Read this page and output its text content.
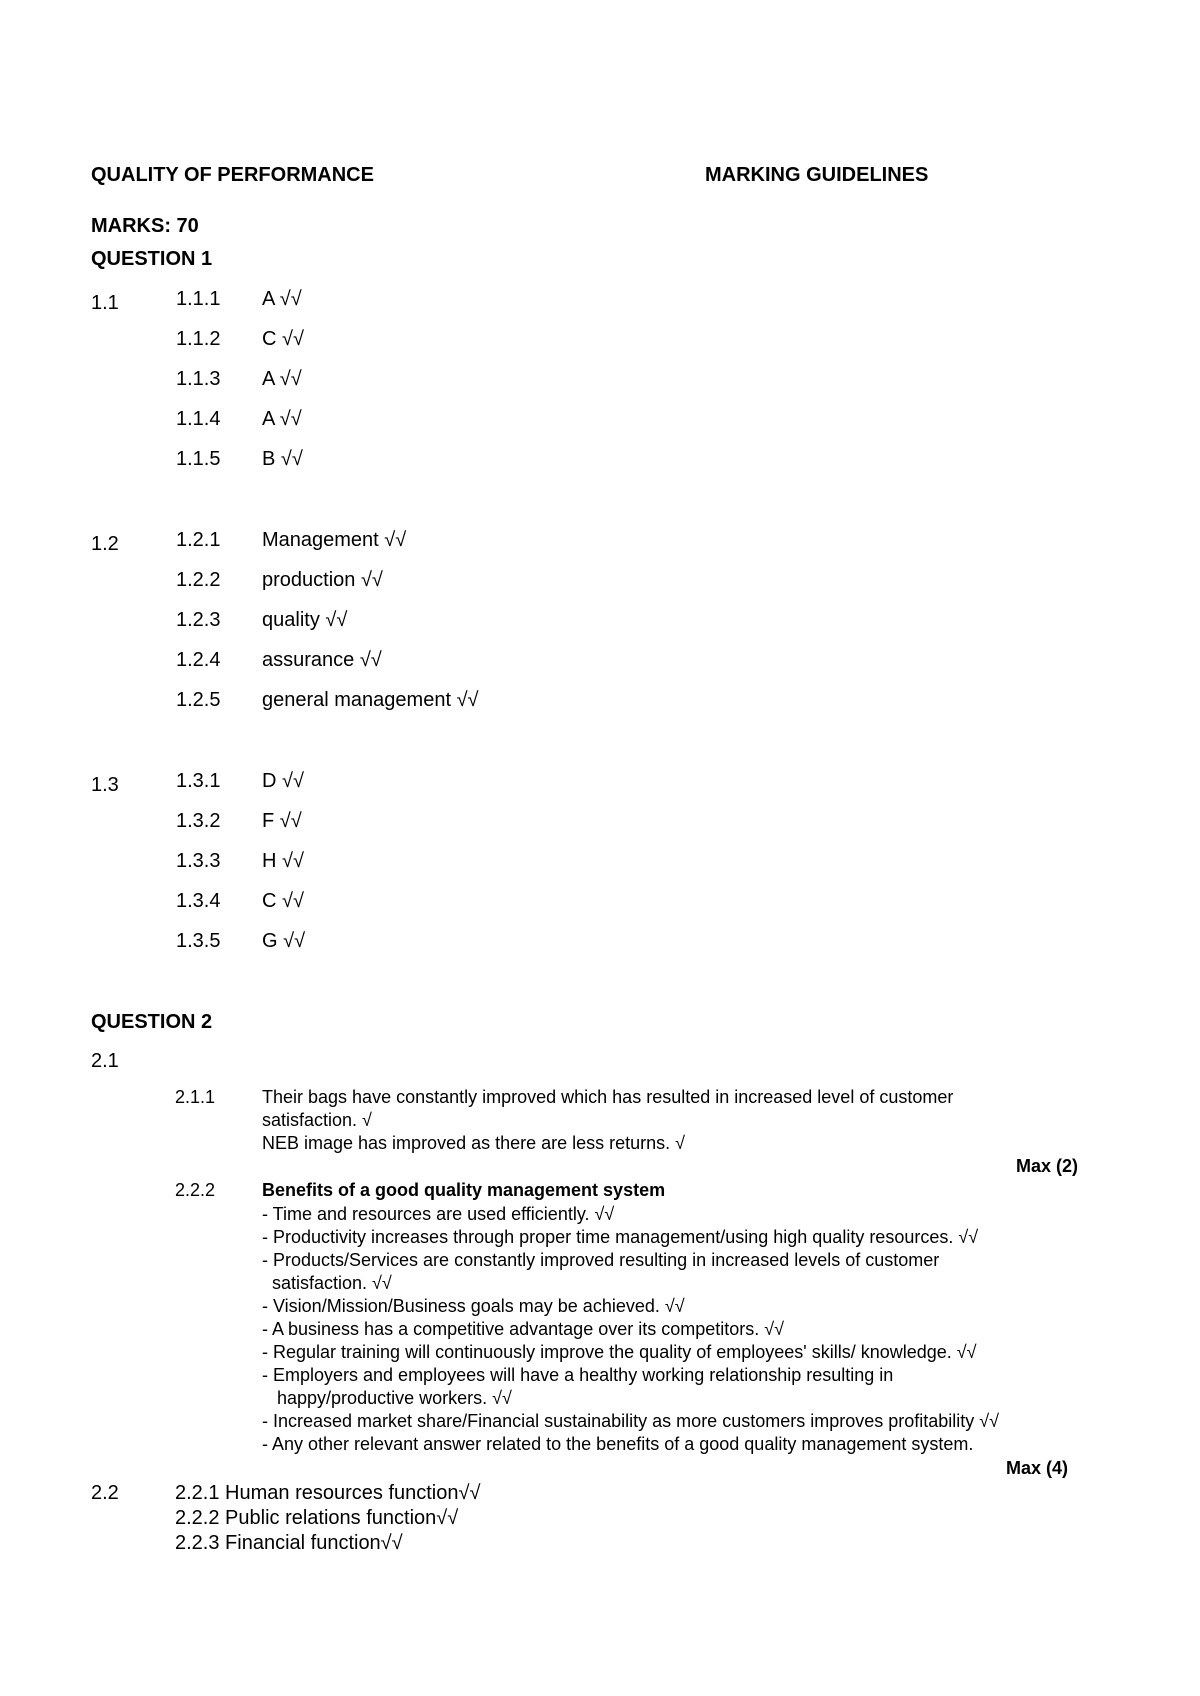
QUALITY OF PERFORMANCE	MARKING GUIDELINES
MARKS: 70
QUESTION 1
1.1	1.1.1 A √√
1.1.2 C √√
1.1.3 A √√
1.1.4 A √√
1.1.5 B √√
1.2	1.2.1 Management √√
1.2.2 production √√
1.2.3 quality √√
1.2.4 assurance √√
1.2.5 general management √√
1.3	1.3.1 D √√
1.3.2 F √√
1.3.3 H √√
1.3.4 C √√
1.3.5 G √√
QUESTION 2
2.1
2.1.1	Their bags have constantly improved which has resulted in increased level of customer
satisfaction. √
NEB image has improved as there are less returns. √
Max (2)
2.2.2	Benefits of a good quality management system
- Time and resources are used efficiently. √√
- Productivity increases through proper time management/using high quality resources. √√
- Products/Services are constantly improved resulting in increased levels of customer
satisfaction. √√
- Vision/Mission/Business goals may be achieved. √√
- A business has a competitive advantage over its competitors. √√
- Regular training will continuously improve the quality of employees' skills/ knowledge. √√
- Employers and employees will have a healthy working relationship resulting in
happy/productive workers. √√
- Increased market share/Financial sustainability as more customers improves profitability √√
- Any other relevant answer related to the benefits of a good quality management system.
Max (4)
2.2	2.2.1 Human resources function√√
2.2.2 Public relations function√√
2.2.3 Financial function√√
